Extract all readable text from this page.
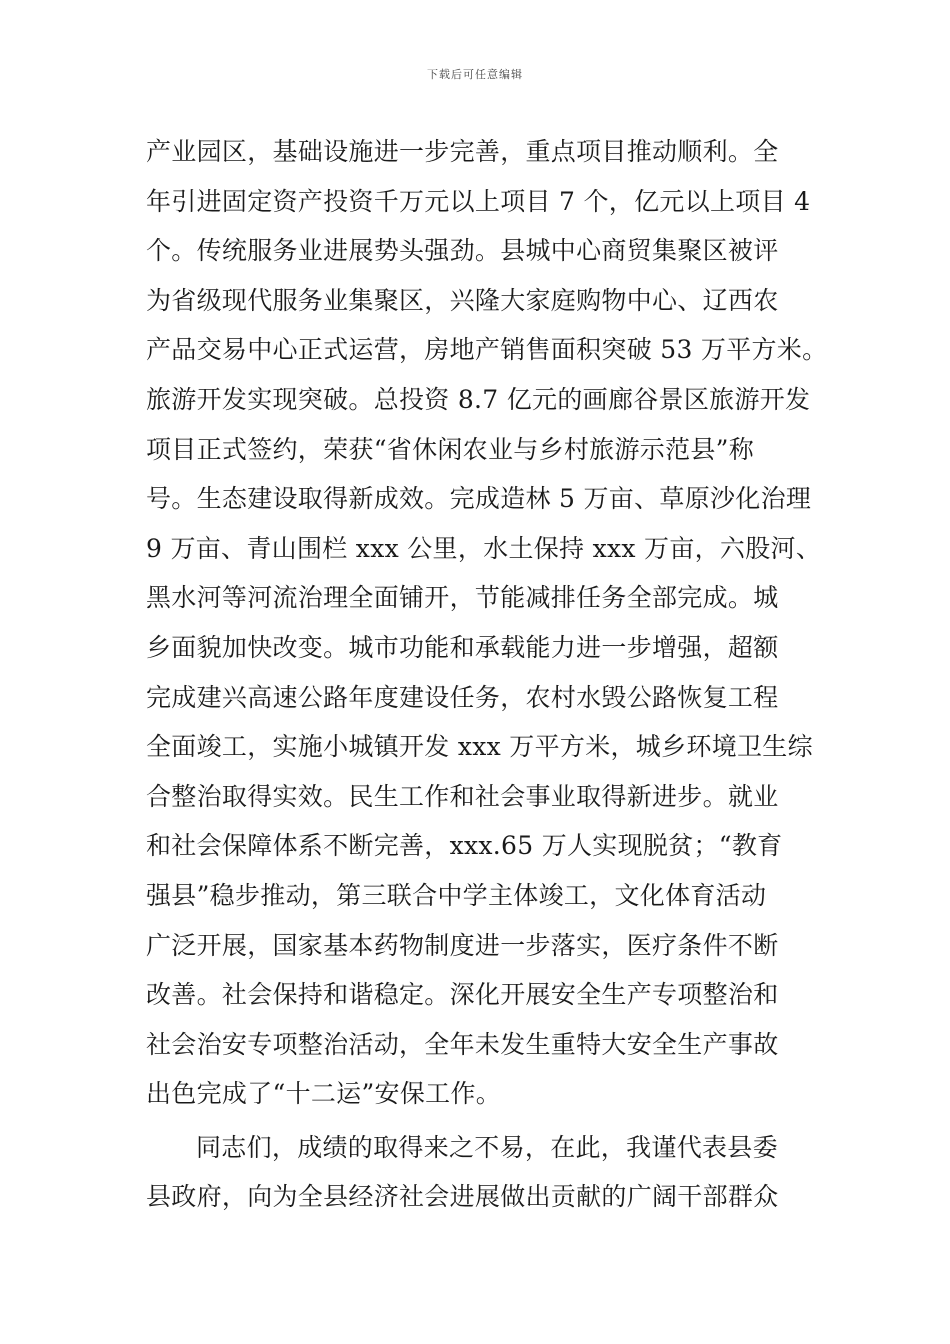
下载后可任意编辑
产业园区，基础设施进一步完善，重点项目推动顺利。全
年引进固定资产投资千万元以上项目 7 个，亿元以上项目 4
个。传统服务业进展势头强劲。县城中心商贸集聚区被评
为省级现代服务业集聚区，兴隆大家庭购物中心、辽西农
产品交易中心正式运营，房地产销售面积突破 53 万平方米。
旅游开发实现突破。总投资 8.7 亿元的画廊谷景区旅游开发
项目正式签约，荣获“省休闲农业与乡村旅游示范县”称
号。生态建设取得新成效。完成造林 5 万亩、草原沙化治理
9 万亩、青山围栏 xxx 公里，水土保持 xxx 万亩，六股河、
黑水河等河流治理全面铺开，节能减排任务全部完成。城
乡面貌加快改变。城市功能和承载能力进一步增强，超额
完成建兴高速公路年度建设任务，农村水毁公路恢复工程
全面竣工，实施小城镇开发 xxx 万平方米，城乡环境卫生综
合整治取得实效。民生工作和社会事业取得新进步。就业
和社会保障体系不断完善，xxx.65 万人实现脱贫；“教育
强县”稳步推动，第三联合中学主体竣工，文化体育活动
广泛开展，国家基本药物制度进一步落实，医疗条件不断
改善。社会保持和谐稳定。深化开展安全生产专项整治和
社会治安专项整治活动，全年未发生重特大安全生产事故
出色完成了“十二运”安保工作。
同志们，成绩的取得来之不易，在此，我谨代表县委
县政府，向为全县经济社会进展做出贡献的广阔干部群众
